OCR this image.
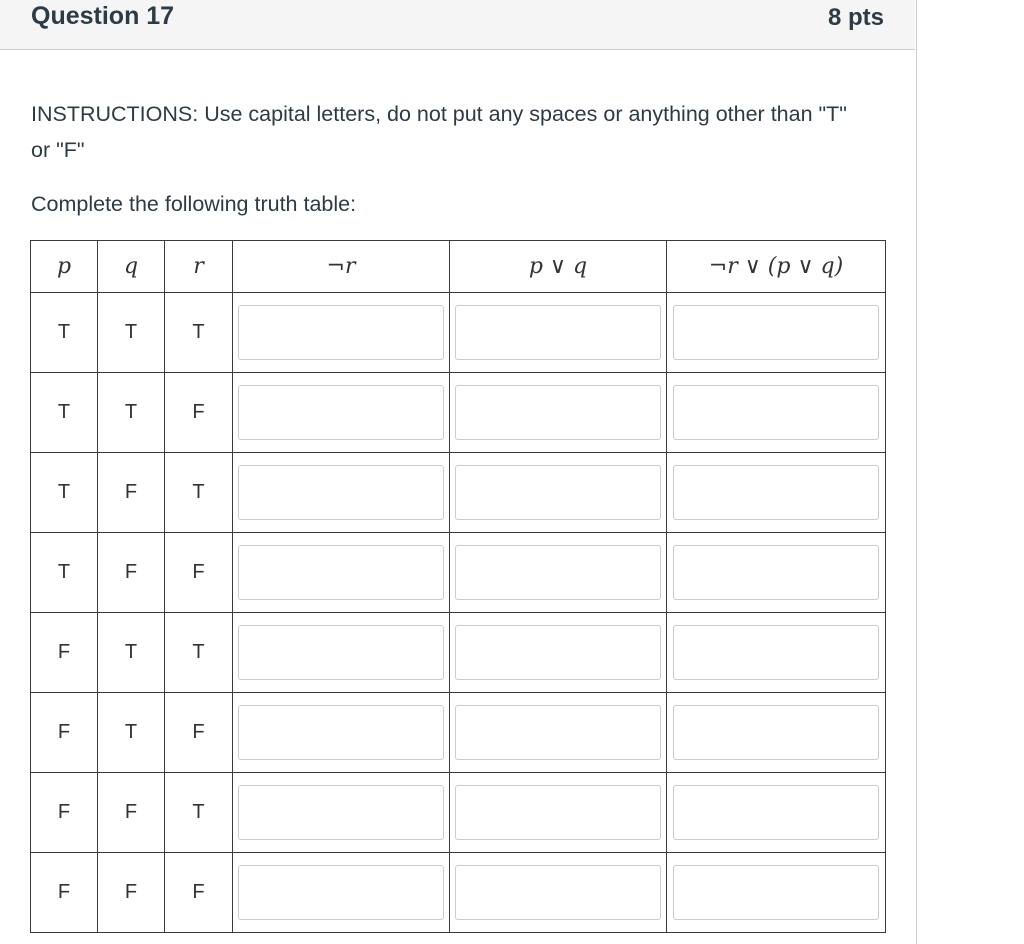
Question 17	8 pts
INSTRUCTIONS: Use capital letters, do not put any spaces or anything other than "T" or "F"
Complete the following truth table:
p	q	r	¬r	p ∨ q	¬r ∨ (p ∨ q)
T	T	T	

T	T	F	

T	F	T	

T	F	F	

F	T	T	

F	T	F	

F	F	T	

F	F	F	
